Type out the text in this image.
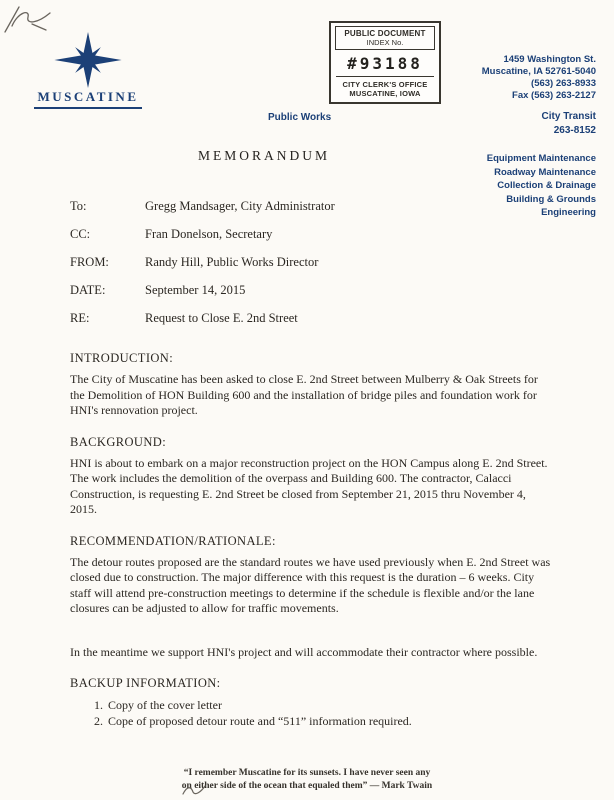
MUSCATINE
PUBLIC DOCUMENT
INDEX No.
#93188
CITY CLERK'S OFFICE
MUSCATINE, IOWA
1459 Washington St.
Muscatine, IA 52761-5040
(563) 263-8933
Fax (563) 263-2127
Public Works	City Transit
263-8152
Equipment Maintenance
Roadway Maintenance
Collection & Drainage
Building & Grounds
Engineering
MEMORANDUM
To:	Gregg Mandsager, City Administrator
CC:	Fran Donelson, Secretary
FROM:	Randy Hill, Public Works Director
DATE:	September 14, 2015
RE:	Request to Close E. 2nd Street
INTRODUCTION:

The City of Muscatine has been asked to close E. 2nd Street between Mulberry & Oak Streets for the Demolition of HON Building 600 and the installation of bridge piles and foundation work for HNI's rennovation project.

BACKGROUND:

HNI is about to embark on a major reconstruction project on the HON Campus along E. 2nd Street. The work includes the demolition of the overpass and Building 600. The contractor, Calacci Construction, is requesting E. 2nd Street be closed from September 21, 2015 thru November 4, 2015.

RECOMMENDATION/RATIONALE:

The detour routes proposed are the standard routes we have used previously when E. 2nd Street was closed due to construction. The major difference with this request is the duration – 6 weeks. City staff will attend pre-construction meetings to determine if the schedule is flexible and/or the lane closures can be adjusted to allow for traffic movements.

In the meantime we support HNI's project and will accommodate their contractor where possible.

BACKUP INFORMATION:
1. Copy of the cover letter
2. Cope of proposed detour route and “511” information required.
“I remember Muscatine for its sunsets. I have never seen any
on either side of the ocean that equaled them” — Mark Twain
